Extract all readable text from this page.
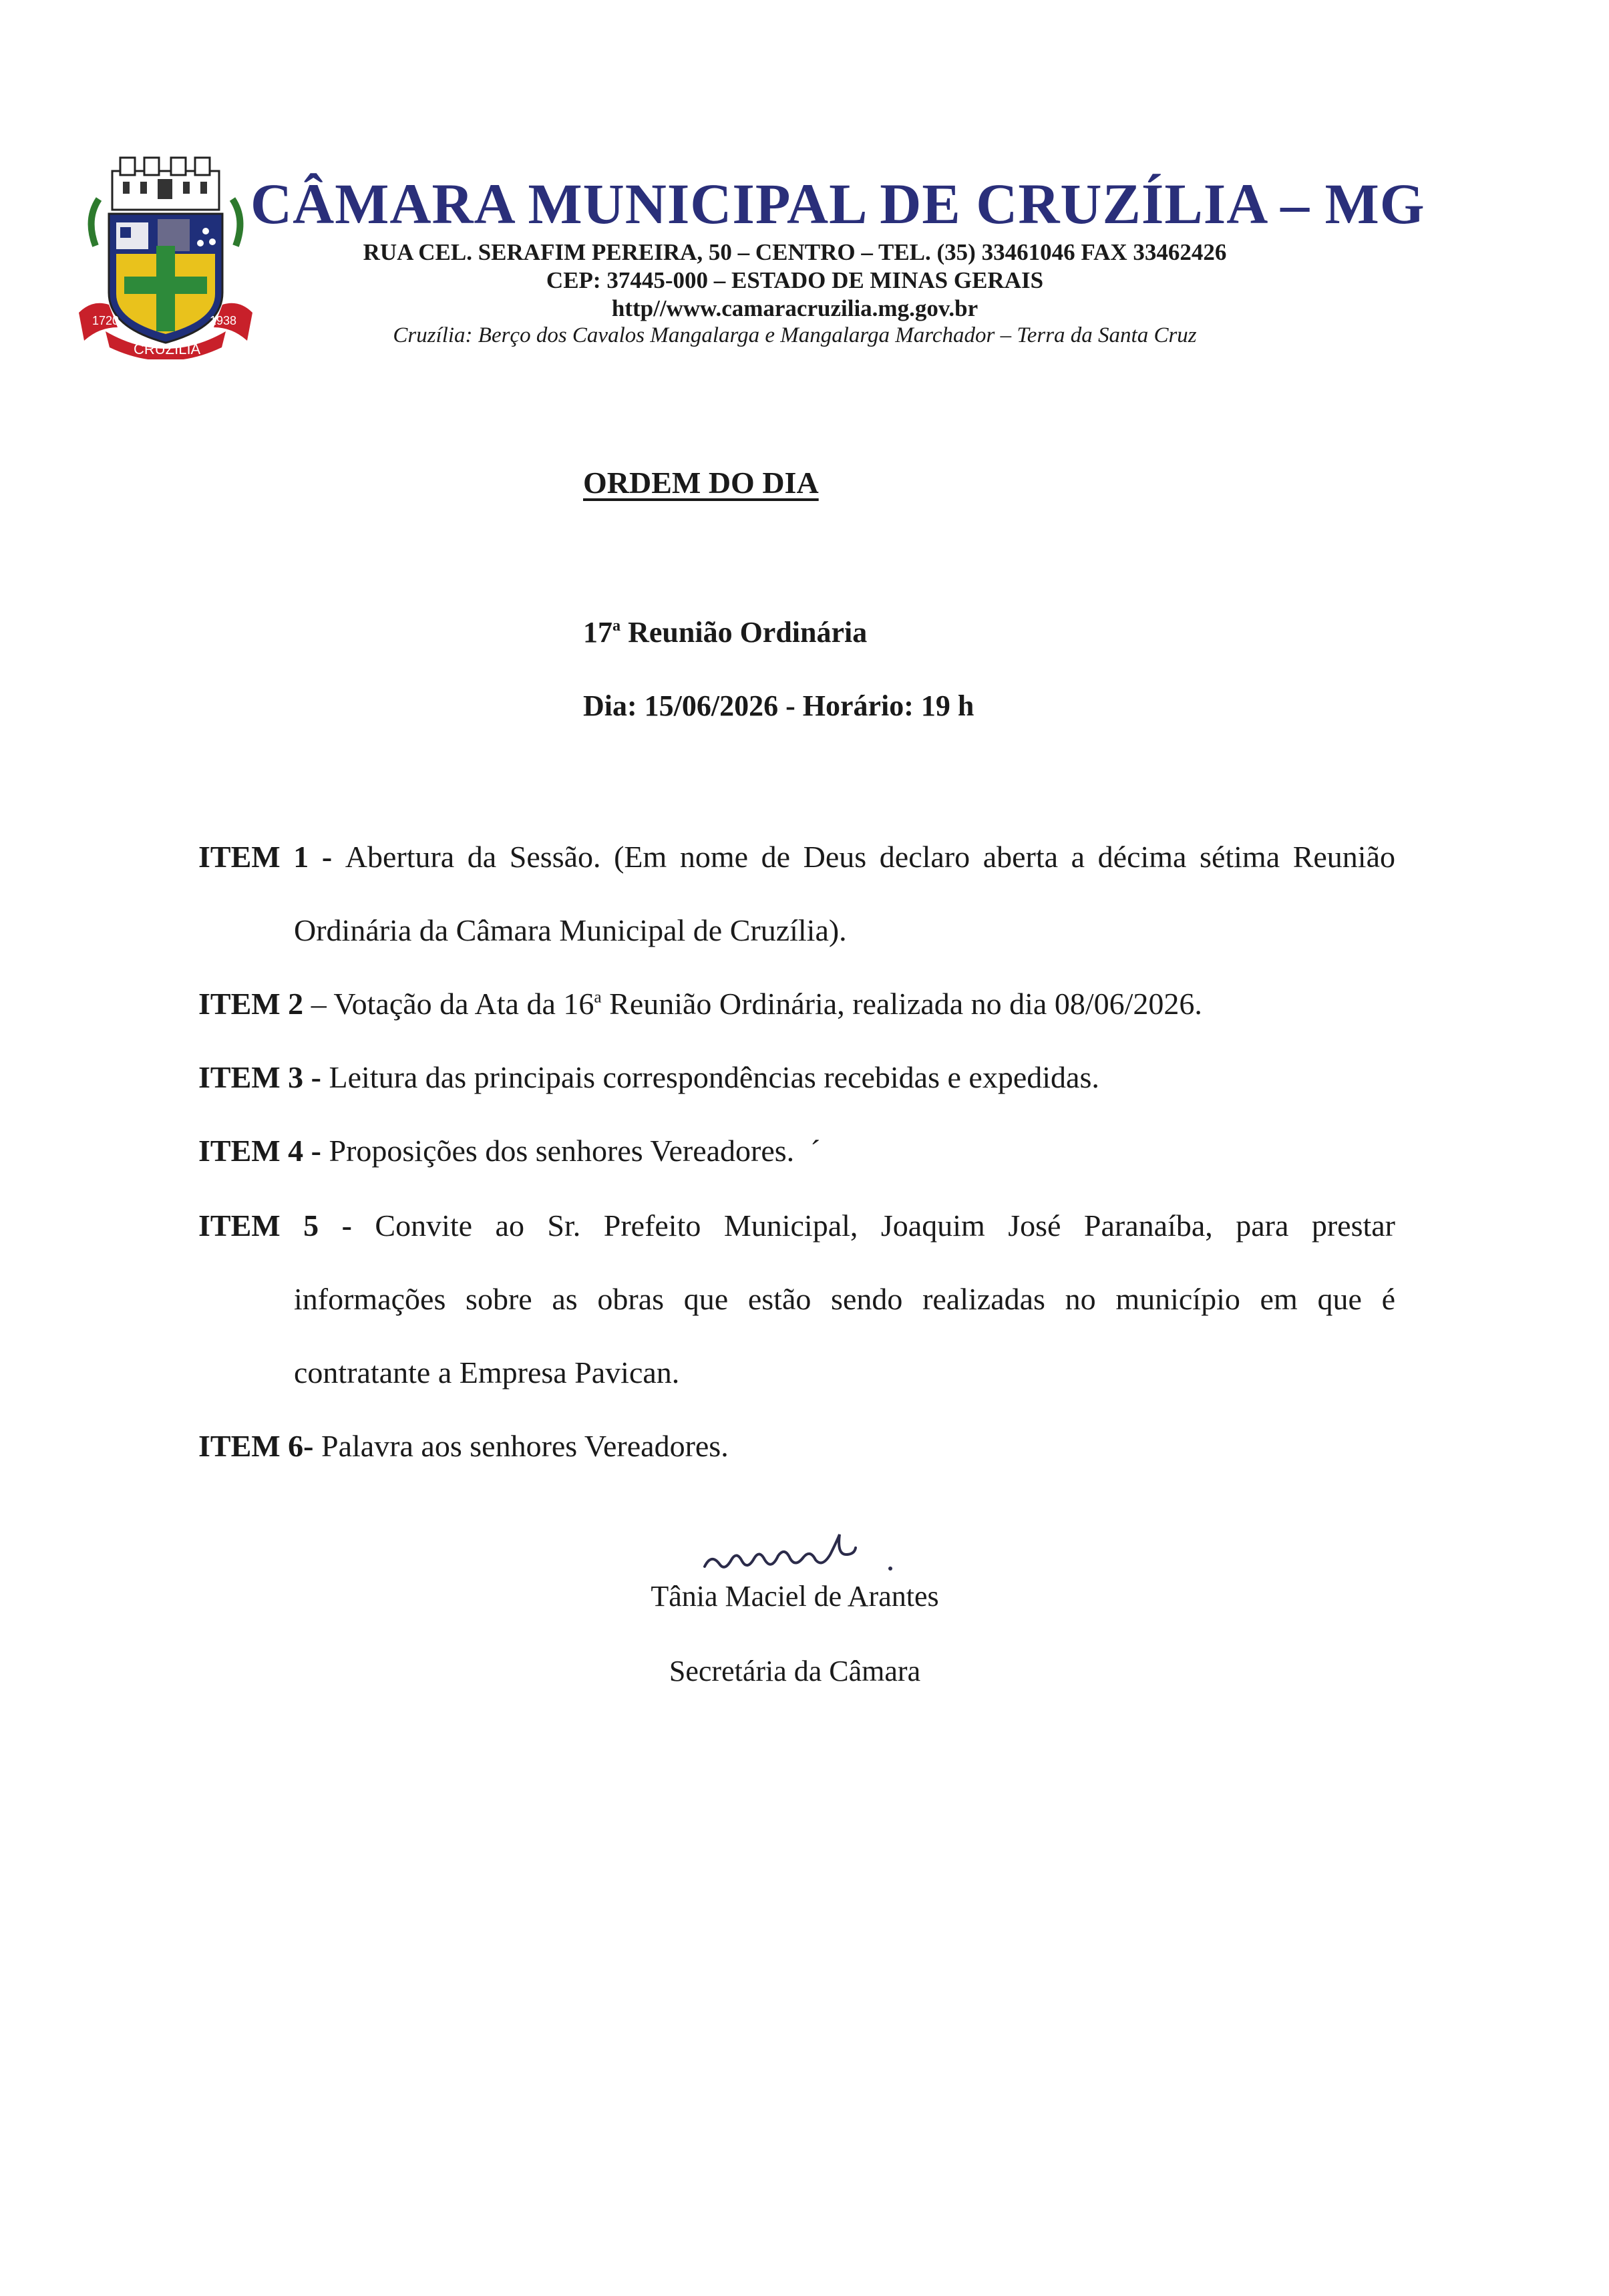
1720	1938
CRUZÍLIA
CÂMARA MUNICIPAL DE CRUZÍLIA – MG
RUA CEL. SERAFIM PEREIRA, 50 – CENTRO – TEL. (35) 33461046 FAX 33462426
CEP: 37445-000 – ESTADO DE MINAS GERAIS
http//www.camaracruzilia.mg.gov.br
Cruzília: Berço dos Cavalos Mangalarga e Mangalarga Marchador – Terra da Santa Cruz
ORDEM DO DIA
17$^a$ Reunião Ordinária
Dia: 15/06/2026 - Horário: 19 h
ITEM 1 - Abertura da Sessão. (Em nome de Deus declaro aberta a décima sétima Reunião
Ordinária da Câmara Municipal de Cruzília).
ITEM 2 – Votação da Ata da 16$^a$ Reunião Ordinária, realizada no dia 08/06/2026.
ITEM 3 - Leitura das principais correspondências recebidas e expedidas.
ITEM 4 - Proposições dos senhores Vereadores. ´
ITEM 5 - Convite ao Sr. Prefeito Municipal, Joaquim José Paranaíba, para prestar
informações sobre as obras que estão sendo realizadas no município em que é
contratante a Empresa Pavican.
ITEM 6- Palavra aos senhores Vereadores.
Tânia Maciel de Arantes
Secretária da Câmara
